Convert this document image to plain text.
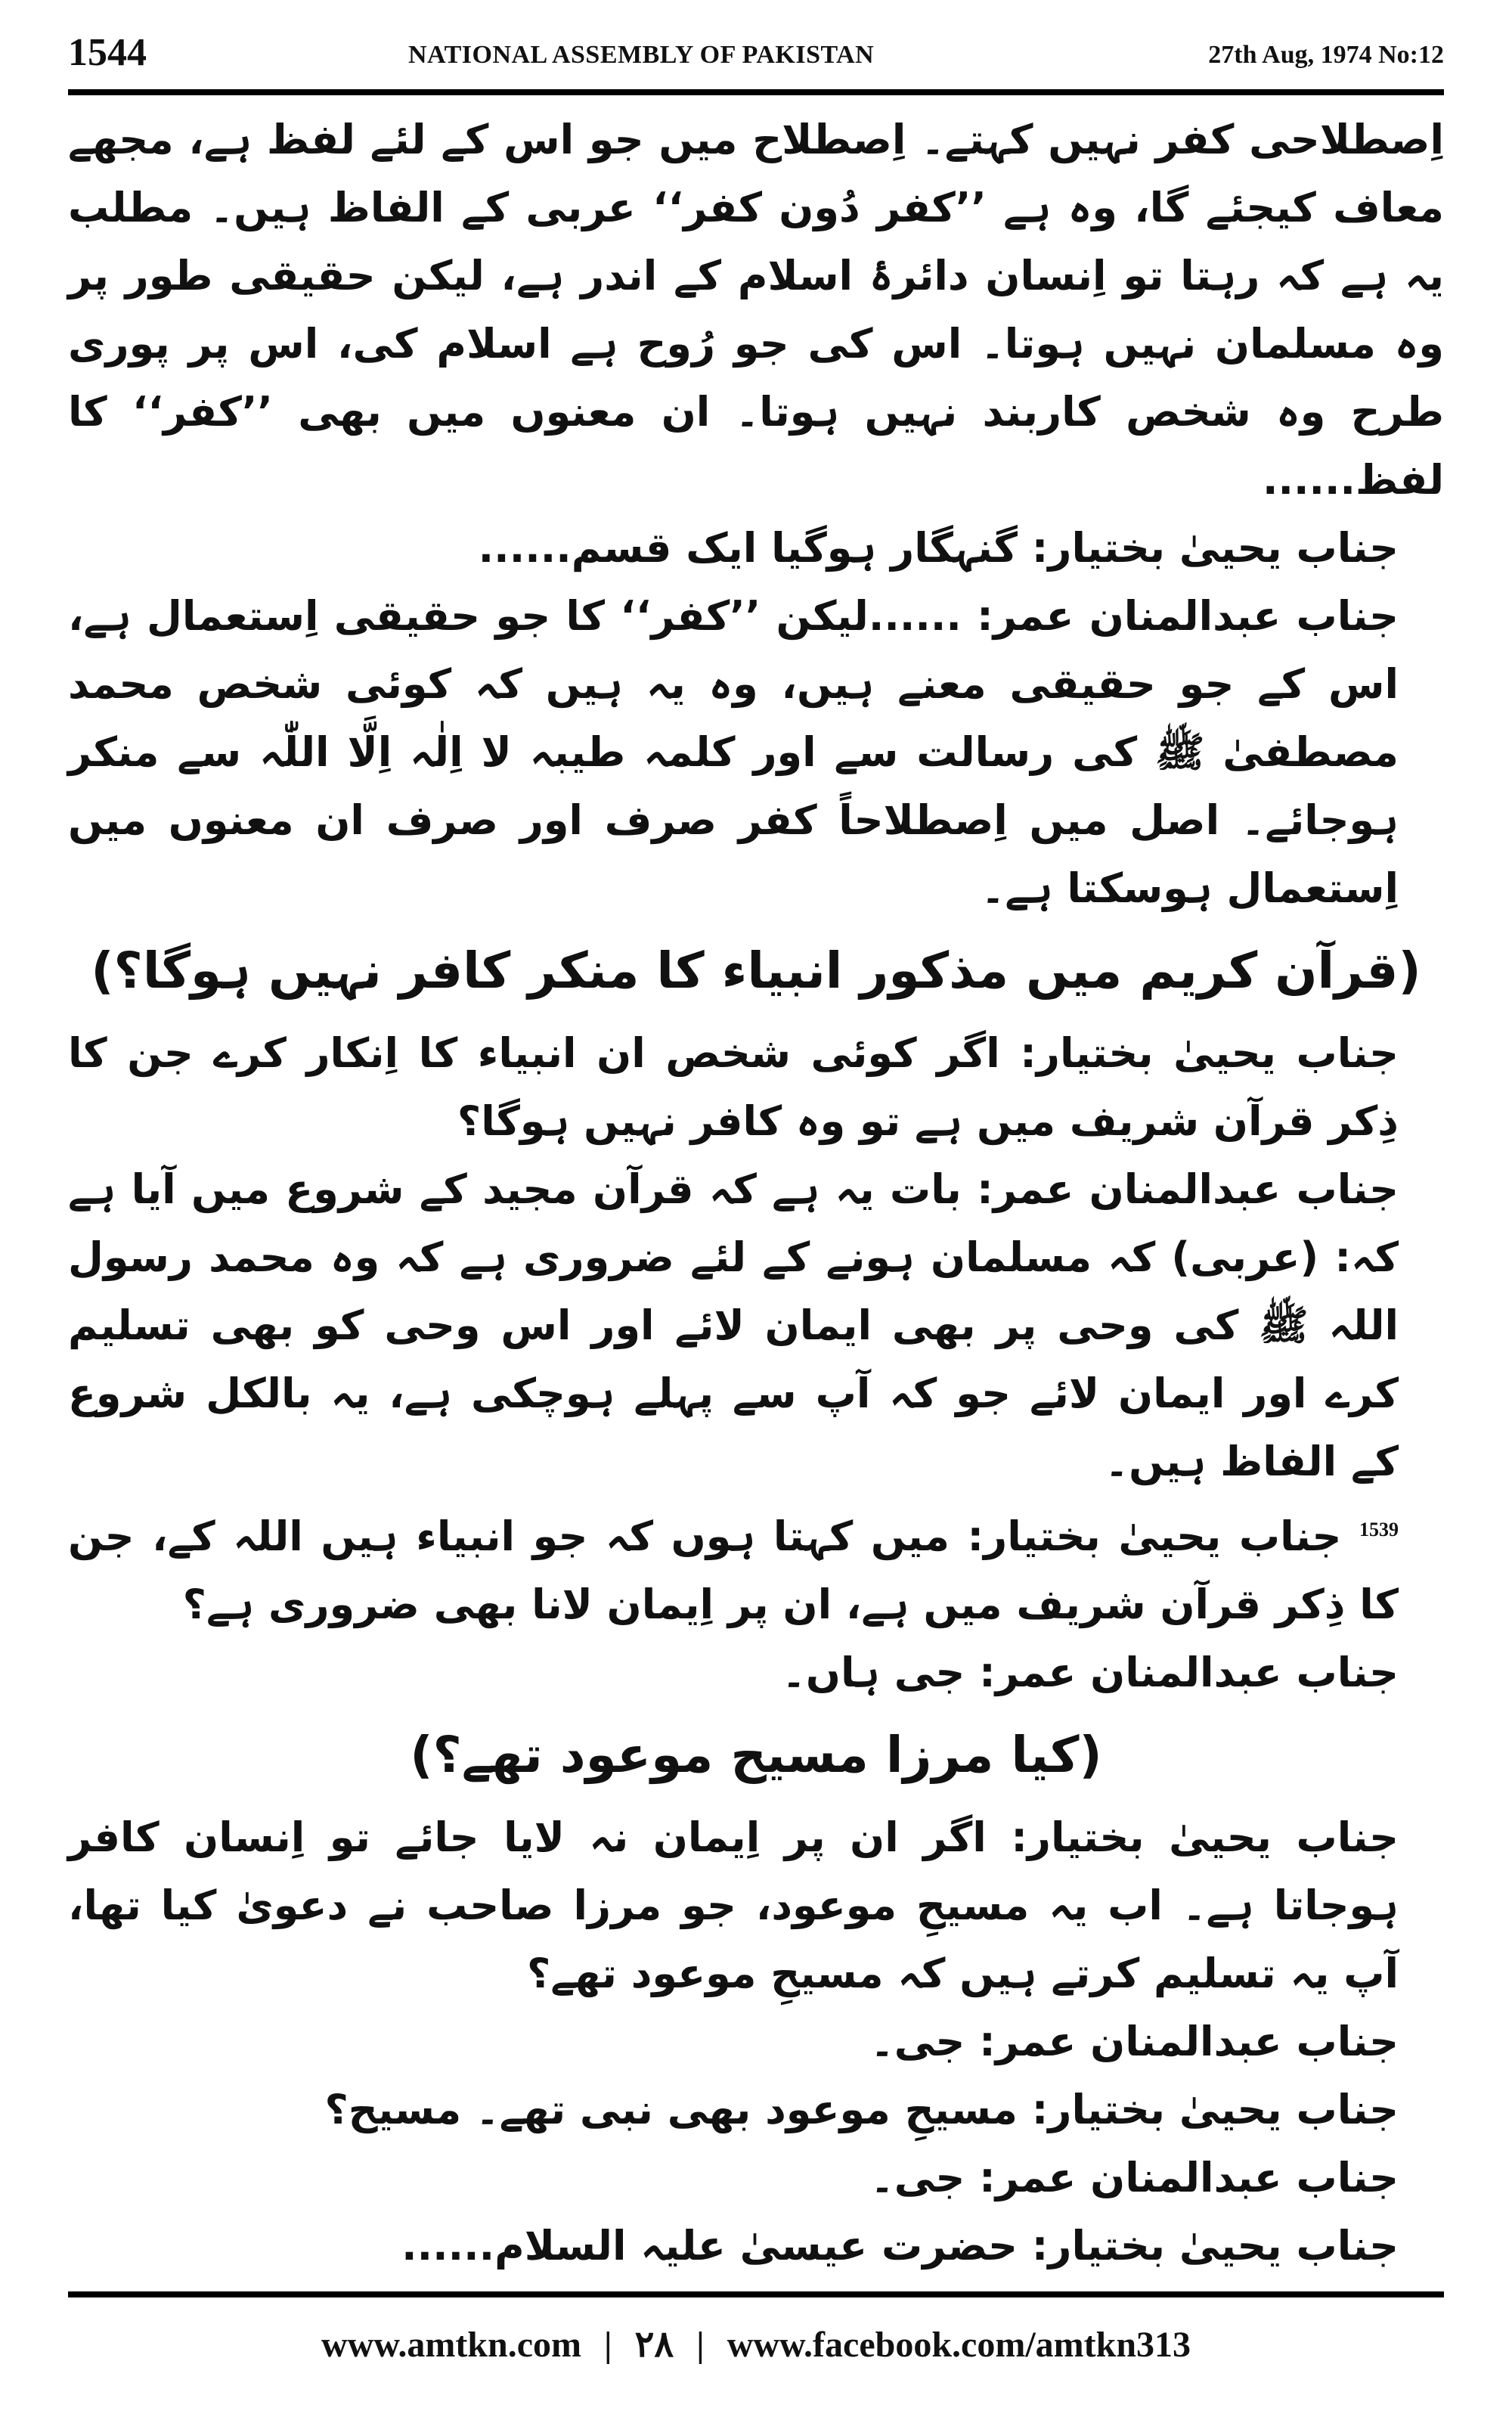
1544	NATIONAL ASSEMBLY OF PAKISTAN	27th Aug, 1974 No:12

اِصطلاحی کفر نہیں کہتے۔ اِصطلاح میں جو اس کے لئے لفظ ہے، مجھے معاف کیجئے گا، وہ ہے ’’کفر دُون کفر‘‘ عربی کے الفاظ ہیں۔ مطلب یہ ہے کہ رہتا تو اِنسان دائرۂ اسلام کے اندر ہے، لیکن حقیقی طور پر وہ مسلمان نہیں ہوتا۔ اس کی جو رُوح ہے اسلام کی، اس پر پوری طرح وہ شخص کاربند نہیں ہوتا۔ ان معنوں میں بھی ’’کفر‘‘ کا لفظ......

جناب یحییٰ بختیار: گنہگار ہوگیا ایک قسم......

جناب عبدالمنان عمر: ......لیکن ’’کفر‘‘ کا جو حقیقی اِستعمال ہے، اس کے جو حقیقی معنے ہیں، وہ یہ ہیں کہ کوئی شخص محمد مصطفیٰ ﷺ کی رسالت سے اور کلمہ طیبہ لا اِلٰہ اِلَّا اللّٰہ سے منکر ہوجائے۔ اصل میں اِصطلاحاً کفر صرف اور صرف ان معنوں میں اِستعمال ہوسکتا ہے۔

(قرآن کریم میں مذکور انبیاء کا منکر کافر نہیں ہوگا؟)

جناب یحییٰ بختیار: اگر کوئی شخص ان انبیاء کا اِنکار کرے جن کا ذِکر قرآن شریف میں ہے تو وہ کافر نہیں ہوگا؟

جناب عبدالمنان عمر: بات یہ ہے کہ قرآن مجید کے شروع میں آیا ہے کہ: (عربی) کہ مسلمان ہونے کے لئے ضروری ہے کہ وہ محمد رسول اللہ ﷺ کی وحی پر بھی ایمان لائے اور اس وحی کو بھی تسلیم کرے اور ایمان لائے جو کہ آپ سے پہلے ہوچکی ہے، یہ بالکل شروع کے الفاظ ہیں۔

$^{1539}$ جناب یحییٰ بختیار: میں کہتا ہوں کہ جو انبیاء ہیں اللہ کے، جن کا ذِکر قرآن شریف میں ہے، ان پر اِیمان لانا بھی ضروری ہے؟

جناب عبدالمنان عمر: جی ہاں۔

(کیا مرزا مسیح موعود تھے؟)

جناب یحییٰ بختیار: اگر ان پر اِیمان نہ لایا جائے تو اِنسان کافر ہوجاتا ہے۔ اب یہ مسیحِ موعود، جو مرزا صاحب نے دعویٰ کیا تھا، آپ یہ تسلیم کرتے ہیں کہ مسیحِ موعود تھے؟

جناب عبدالمنان عمر: جی۔

جناب یحییٰ بختیار: مسیحِ موعود بھی نبی تھے۔ مسیح؟

جناب عبدالمنان عمر: جی۔

جناب یحییٰ بختیار: حضرت عیسیٰ علیہ السلام......

www.amtkn.com | ۲۸ | www.facebook.com/amtkn313
